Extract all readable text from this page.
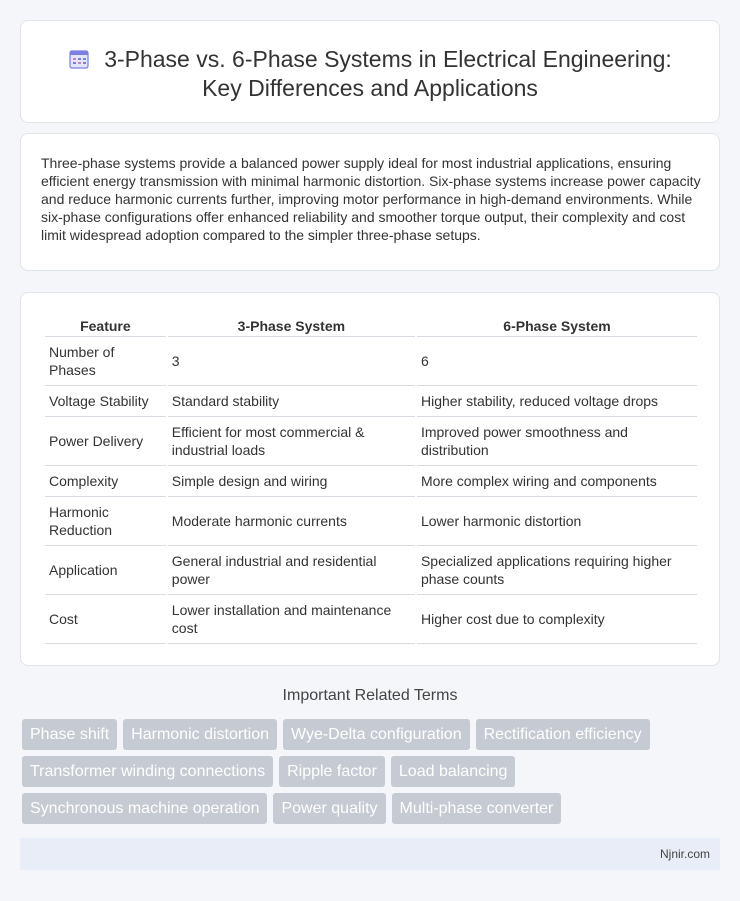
3-Phase vs. 6-Phase Systems in Electrical Engineering:
Key Differences and Applications

Three-phase systems provide a balanced power supply ideal for most industrial applications, ensuring efficient energy transmission with minimal harmonic distortion. Six-phase systems increase power capacity and reduce harmonic currents further, improving motor performance in high-demand environments. While six-phase configurations offer enhanced reliability and smoother torque output, their complexity and cost limit widespread adoption compared to the simpler three-phase setups.

Feature	3-Phase System	6-Phase System
Number of Phases	3	6
Voltage Stability	Standard stability	Higher stability, reduced voltage drops
Power Delivery	Efficient for most commercial & industrial loads	Improved power smoothness and distribution
Complexity	Simple design and wiring	More complex wiring and components
Harmonic Reduction	Moderate harmonic currents	Lower harmonic distortion
Application	General industrial and residential power	Specialized applications requiring higher phase counts
Cost	Lower installation and maintenance cost	Higher cost due to complexity
Important Related Terms
Phase shift	Harmonic distortion	Wye-Delta configuration	Rectification efficiency
Transformer winding connections	Ripple factor	Load balancing
Synchronous machine operation	Power quality	Multi-phase converter
Njnir.com
